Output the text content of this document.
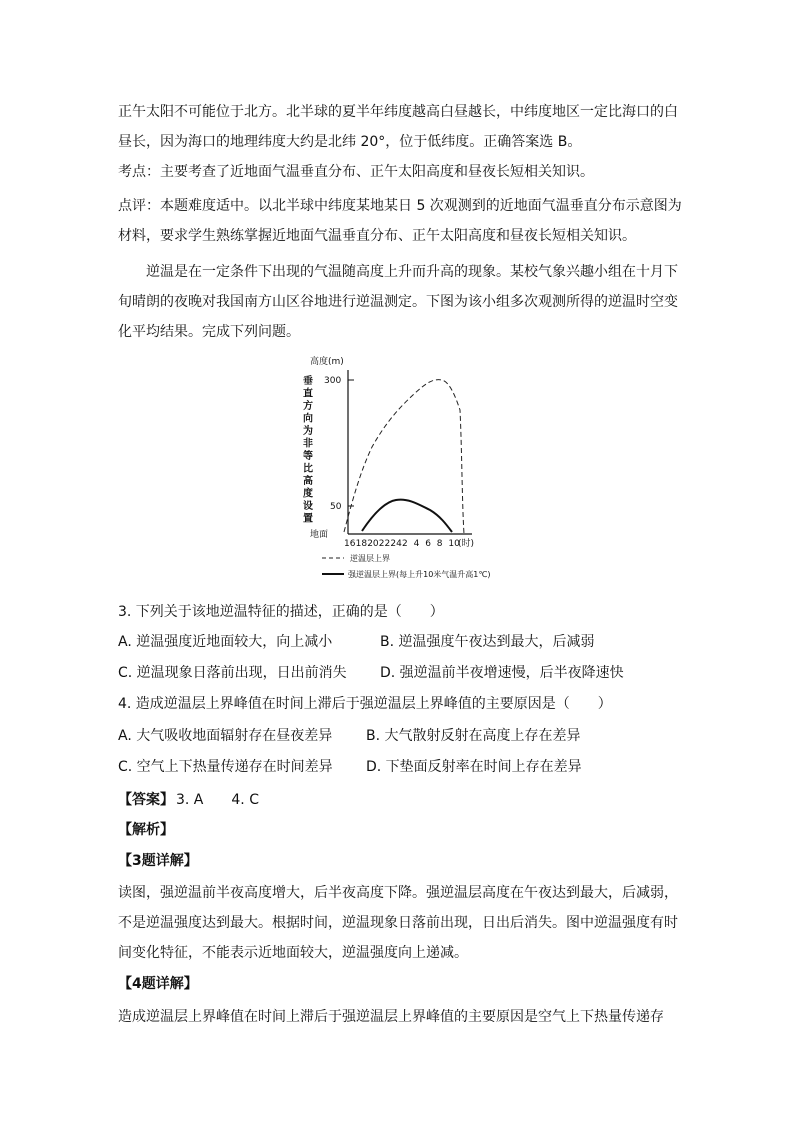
正午太阳不可能位于北方。北半球的夏半年纬度越高白昼越长，中纬度地区一定比海口的白
昼长，因为海口的地理纬度大约是北纬 20°，位于低纬度。正确答案选 B。
考点：主要考查了近地面气温垂直分布、正午太阳高度和昼夜长短相关知识。
点评：本题难度适中。以北半球中纬度某地某日 5 次观测到的近地面气温垂直分布示意图为
材料，要求学生熟练掌握近地面气温垂直分布、正午太阳高度和昼夜长短相关知识。
逆温是在一定条件下出现的气温随高度上升而升高的现象。某校气象兴趣小组在十月下
旬晴朗的夜晚对我国南方山区谷地进行逆温测定。下图为该小组多次观测所得的逆温时空变
化平均结果。完成下列问题。
高度(m)
垂
直
方
向
为
非
等
比
高
度
设
置
300
50
地面
16 18 20 22 24 2 4 6 8 10
(时)
逆温层上界
强逆温层上界(每上升10米气温升高1℃)
3. 下列关于该地逆温特征的描述，正确的是（　　）
A. 逆温强度近地面较大，向上减小	B. 逆温强度午夜达到最大，后减弱
C. 逆温现象日落前出现，日出前消失	D. 强逆温前半夜增速慢，后半夜降速快
4. 造成逆温层上界峰值在时间上滞后于强逆温层上界峰值的主要原因是（　　）
A. 大气吸收地面辐射存在昼夜差异	B. 大气散射反射在高度上存在差异
C. 空气上下热量传递存在时间差异	D. 下垫面反射率在时间上存在差异
【答案】 3. A　　4. C
【解析】
【3题详解】
读图，强逆温前半夜高度增大，后半夜高度下降。强逆温层高度在午夜达到最大，后减弱，
不是逆温强度达到最大。根据时间，逆温现象日落前出现，日出后消失。图中逆温强度有时
间变化特征，不能表示近地面较大，逆温强度向上递减。
【4题详解】
造成逆温层上界峰值在时间上滞后于强逆温层上界峰值的主要原因是空气上下热量传递存
